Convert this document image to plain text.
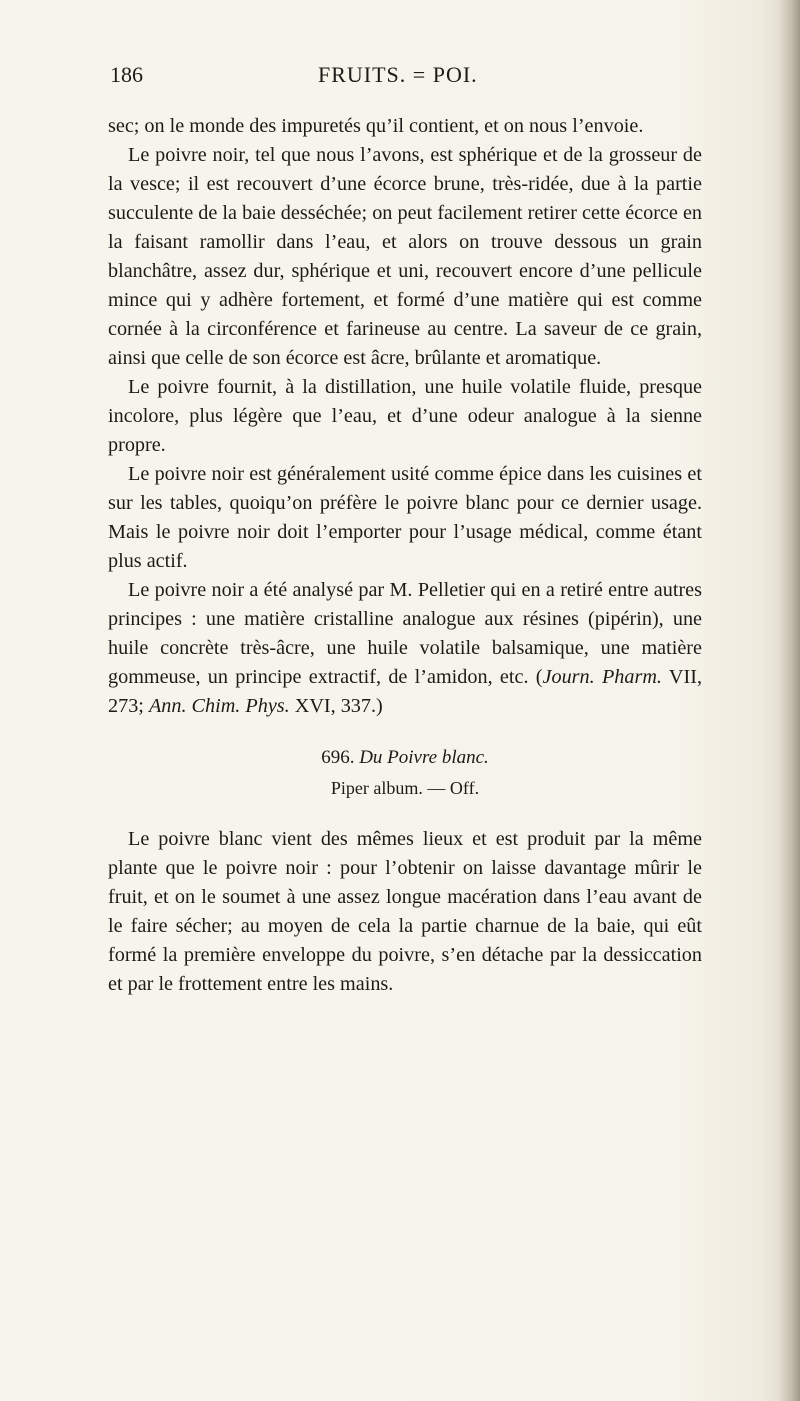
186	FRUITS. = POI.

sec; on le monde des impuretés qu’il contient, et on nous l’envoie.

Le poivre noir, tel que nous l’avons, est sphérique et de la grosseur de la vesce; il est recouvert d’une écorce brune, très-ridée, due à la partie succulente de la baie desséchée; on peut facilement retirer cette écorce en la faisant ramollir dans l’eau, et alors on trouve dessous un grain blanchâtre, assez dur, sphérique et uni, recouvert encore d’une pellicule mince qui y adhère fortement, et formé d’une matière qui est comme cornée à la circonférence et farineuse au centre. La saveur de ce grain, ainsi que celle de son écorce est âcre, brûlante et aromatique.

Le poivre fournit, à la distillation, une huile volatile fluide, presque incolore, plus légère que l’eau, et d’une odeur analogue à la sienne propre.

Le poivre noir est généralement usité comme épice dans les cuisines et sur les tables, quoiqu’on préfère le poivre blanc pour ce dernier usage. Mais le poivre noir doit l’emporter pour l’usage médical, comme étant plus actif.

Le poivre noir a été analysé par M. Pelletier qui en a retiré entre autres principes : une matière cristalline analogue aux résines (pipérin), une huile concrète très-âcre, une huile volatile balsamique, une matière gommeuse, un principe extractif, de l’amidon, etc. (Journ. Pharm. VII, 273; Ann. Chim. Phys. XVI, 337.)

696. Du Poivre blanc.
Piper album. — Off.

Le poivre blanc vient des mêmes lieux et est produit par la même plante que le poivre noir : pour l’obtenir on laisse davantage mûrir le fruit, et on le soumet à une assez longue macération dans l’eau avant de le faire sécher; au moyen de cela la partie charnue de la baie, qui eût formé la première enveloppe du poivre, s’en détache par la dessiccation et par le frottement entre les mains.
